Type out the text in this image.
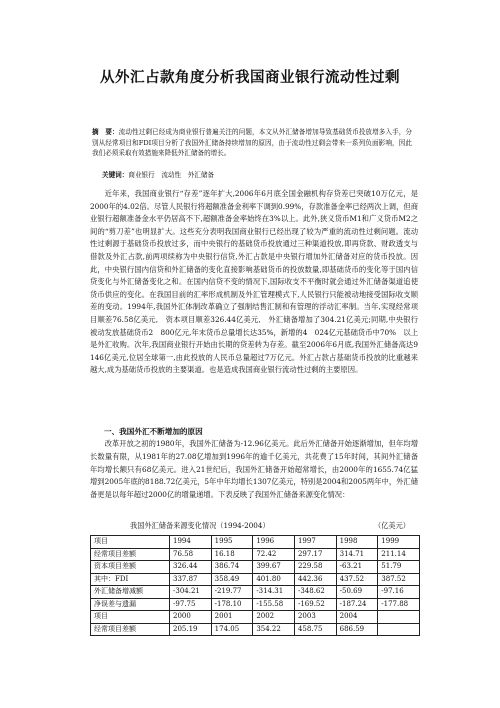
从外汇占款角度分析我国商业银行流动性过剩
摘　要：流动性过剩已经成为商业银行普遍关注的问题，本文从外汇储备增加导致基础货币投放增多入手，分别从经常项目和FDI项目分析了我国外汇储备持续增加的原因，由于流动性过剩会带来一系列负面影响，因此我们必须采取有效措施来降低外汇储备的增长。
关键词：商业银行　流动性　外汇储备
近年来，我国商业银行“存差”逐年扩大,2006年6月底全国金融机构存贷差已突破10万亿元，是2000年的4.02倍。尽管人民银行将超额准备金利率下调到0.99%，存款准备金率已经两次上调，但商业银行超额准备金水平仍居高不下,超额准备金率始终在3%以上。此外,狭义货币M1和广义货币M2之间的“剪刀差”也明显扩大。这些充分表明我国商业银行已经出现了较为严重的流动性过剩问题。流动性过剩源于基础货币投放过多，而中央银行的基础货币投放通过三种渠道投放,即再贷款、财政透支与借款及外汇占款,前两项续称为中央银行信贷,外汇占款是中央银行增加外汇储备对应的货币投放。因此，中央银行国内信贷和外汇储备的变化直接影响基础货币的投放数量,即基础货币的变化等于国内信贷变化与外汇储备变化之和。在国内信贷不变的情况下,国际收支不平衡时就会通过外汇储备渠道追使货币供应的变化。在我国目前的汇率形成机制及外汇管理模式下,人民银行只能被动地接受国际收支顺差的变动。1994年,我国外汇体制改革确立了强制结售汇制和有管理的浮动汇率制。当年,实现经常项目顺差76.58亿美元,　资本项目顺差326.44亿美元,　外汇储备增加了304.21亿美元;同期,中央银行被动发放基础货币2　800亿元,年末货币总量增长达35%，新增的4　024亿元基础货币中70%　以上是外汇收购。次年,我国商业银行开始由长期的贷差转为存差。截至2006年6月底,我国外汇储备高达9　146亿美元,位居全球第一,由此投放的人民币总量超过7万亿元。外汇占款占基础货币投放的比重越来越大,成为基础货币投放的主要渠道。也是造成我国商业银行流动性过剩的主要原因。
一、我国外汇不断增加的原因
改革开放之初的1980年，我国外汇储备为-12.96亿美元。此后外汇储备开始逐渐增加，但年均增长数量有限，从1981年的27.08亿增加到1996年的逾千亿美元，共花费了15年时间，其间外汇储备年均增长额只有68亿美元。进入21世纪后，我国外汇储备开始超常增长，由2000年的1655.74亿猛增到2005年底的8188.72亿美元，5年中年均增长1307亿美元，特别是2004和2005两年中，外汇储备更是以每年超过2000亿的增量递增。下表反映了我国外汇储备来源变化情况：
我国外汇储备来源变化情况（1994-2004）	（亿美元）
项目	1994	1995	1996	1997	1998	1999
经常项目差额	76.58	16.18	72.42	297.17	314.71	211.14
资本项目差额	326.44	386.74	399.67	229.58	-63.21	51.79
其中：FDI	337.87	358.49	401.80	442.36	437.52	387.52
外汇储备增减额	-304.21	-219.77	-314.31	-348.62	-50.69	-97.16
净误差与遗漏	-97.75	-178.10	-155.58	-169.52	-187.24	-177.88
项目	2000	2001	2002	2003	2004	
经常项目差额	205.19	174.05	354.22	458.75	686.59	
